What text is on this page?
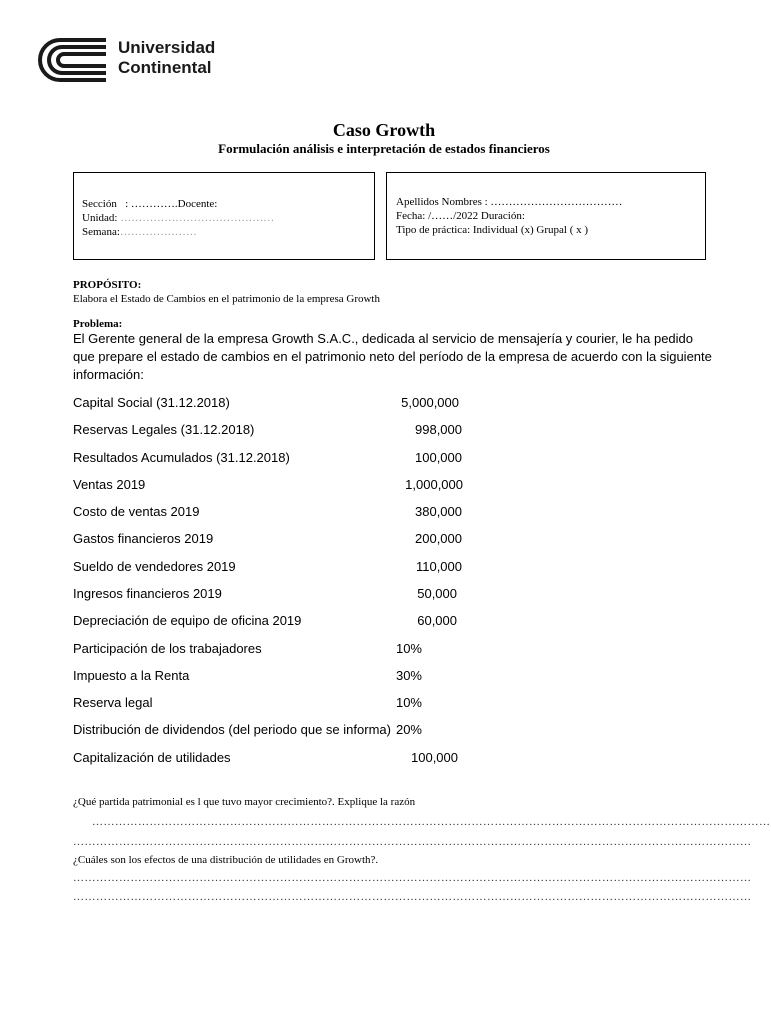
Universidad
Continental
Caso Growth
Formulación análisis e interpretación de estados financieros
Sección : ………….Docente:
Unidad: ……………………………………
Semana:…………………
Apellidos Nombres : ………………………………
Fecha: /……/2022 Duración:
Tipo de práctica: Individual (x) Grupal ( x )
PROPÓSITO:
Elabora el Estado de Cambios en el patrimonio de la empresa Growth
Problema:
El Gerente general de la empresa Growth S.A.C., dedicada al servicio de mensajería y courier, le ha pedido que prepare el estado de cambios en el patrimonio neto del período de la empresa de acuerdo con la siguiente información:
Capital Social (31.12.2018)	5,000,000
Reservas Legales (31.12.2018)	998,000
Resultados Acumulados (31.12.2018)	100,000
Ventas 2019	1,000,000
Costo de ventas 2019	380,000
Gastos financieros 2019	200,000
Sueldo de vendedores 2019	110,000
Ingresos financieros 2019	50,000
Depreciación de equipo de oficina 2019	60,000
Participación de los trabajadores	10%
Impuesto a la Renta	30%
Reserva legal	10%
Distribución de dividendos (del periodo que se informa) 20%
Capitalización de utilidades	100,000
¿Qué partida patrimonial es l que tuvo mayor crecimiento?. Explique la razón
……………………………………………………………………………………………………………………………………………………………
……………………………………………………………………………………………………………………………………………………………
¿Cuáles son los efectos de una distribución de utilidades en Growth?.
……………………………………………………………………………………………………………………………………………………………
……………………………………………………………………………………………………………………………………………………………
